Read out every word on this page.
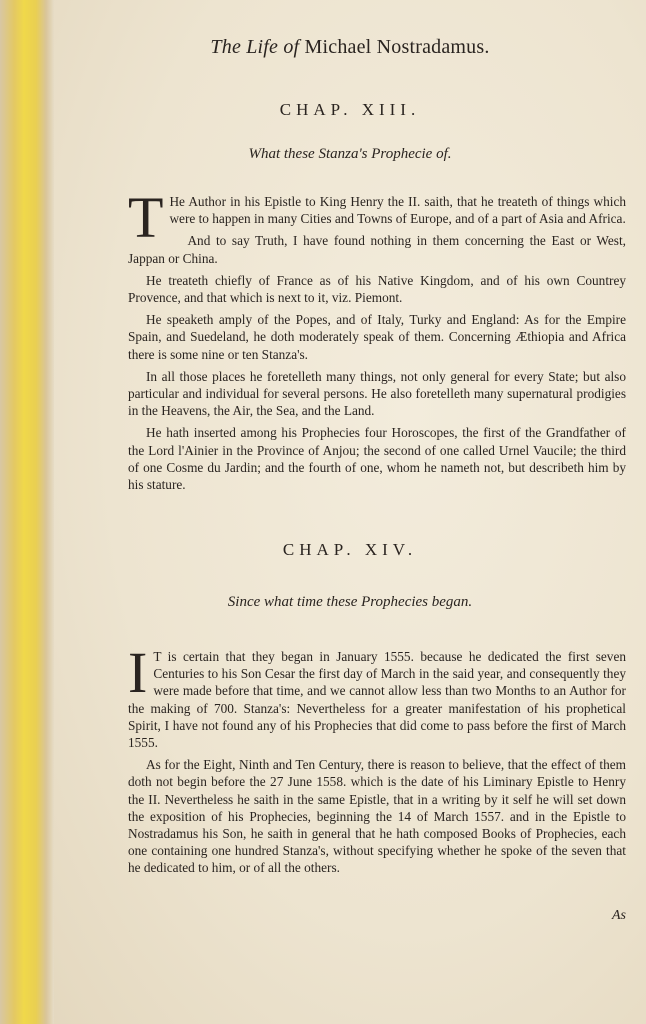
The Life of Michael Nostradamus.
CHAP. XIII.
What these Stanza's Prophecie of.

T He Author in his Epistle to King Henry the II. saith, that he treateth of things which were to happen in many Cities and Towns of Europe, and of a part of Asia and Africa.

And to say Truth, I have found nothing in them concerning the East or West, Jappan or China.

He treateth chiefly of France as of his Native Kingdom, and of his own Countrey Provence, and that which is next to it, viz. Piemont.

He speaketh amply of the Popes, and of Italy, Turky and England: As for the Empire Spain, and Suedeland, he doth moderately speak of them. Concerning Æthiopia and Africa there is some nine or ten Stanza's.

In all those places he foretelleth many things, not only general for every State; but also particular and individual for several persons. He also foretelleth many supernatural prodigies in the Heavens, the Air, the Sea, and the Land.

He hath inserted among his Prophecies four Horoscopes, the first of the Grandfather of the Lord l'Ainier in the Province of Anjou; the second of one called Urnel Vaucile; the third of one Cosme du Jardin; and the fourth of one, whom he nameth not, but describeth him by his stature.

CHAP. XIV.
Since what time these Prophecies began.

I T is certain that they began in January 1555. because he dedicated the first seven Centuries to his Son Cesar the first day of March in the said year, and consequently they were made before that time, and we cannot allow less than two Months to an Author for the making of 700. Stanza's: Nevertheless for a greater manifestation of his prophetical Spirit, I have not found any of his Prophecies that did come to pass before the first of March 1555.

As for the Eight, Ninth and Ten Century, there is reason to believe, that the effect of them doth not begin before the 27 June 1558. which is the date of his Liminary Epistle to Henry the II. Nevertheless he saith in the same Epistle, that in a writing by it self he will set down the exposition of his Prophecies, beginning the 14 of March 1557. and in the Epistle to Nostradamus his Son, he saith in general that he hath composed Books of Prophecies, each one containing one hundred Stanza's, without specifying whether he spoke of the seven that he dedicated to him, or of all the others.

As
